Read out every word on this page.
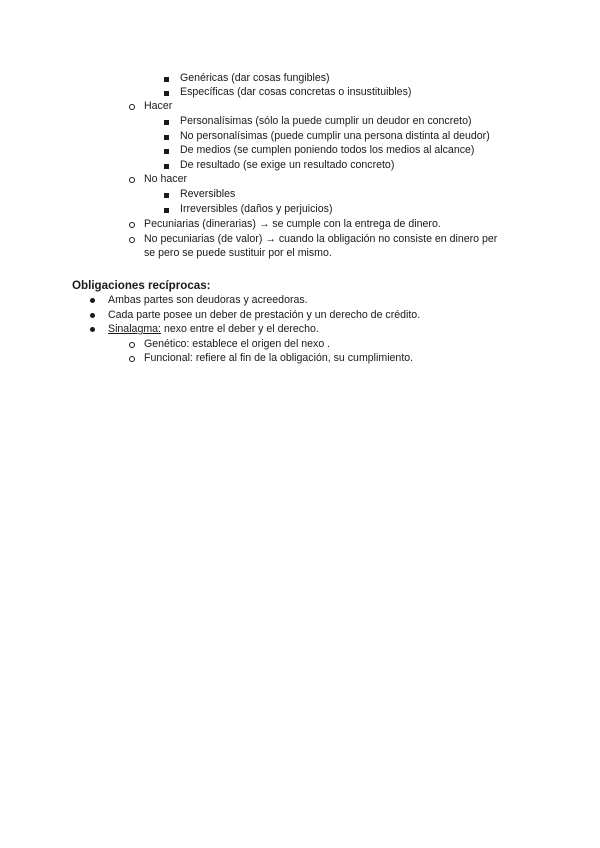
Genéricas (dar cosas fungibles)
Específicas (dar cosas concretas o insustituibles)
Hacer
Personalísimas (sólo la puede cumplir un deudor en concreto)
No personalísimas (puede cumplir una persona distinta al deudor)
De medios (se cumplen poniendo todos los medios al alcance)
De resultado (se exige un resultado concreto)
No hacer
Reversibles
Irreversibles (daños y perjuicios)
Pecuniarias (dinerarias) → se cumple con la entrega de dinero.
No pecuniarias (de valor) → cuando la obligación no consiste en dinero per
se pero se puede sustituir por el mismo.
Obligaciones recíprocas:
Ambas partes son deudoras y acreedoras.
Cada parte posee un deber de prestación y un derecho de crédito.
Sinalagma: nexo entre el deber y el derecho.
Genético: establece el origen del nexo .
Funcional: refiere al fin de la obligación, su cumplimiento.
